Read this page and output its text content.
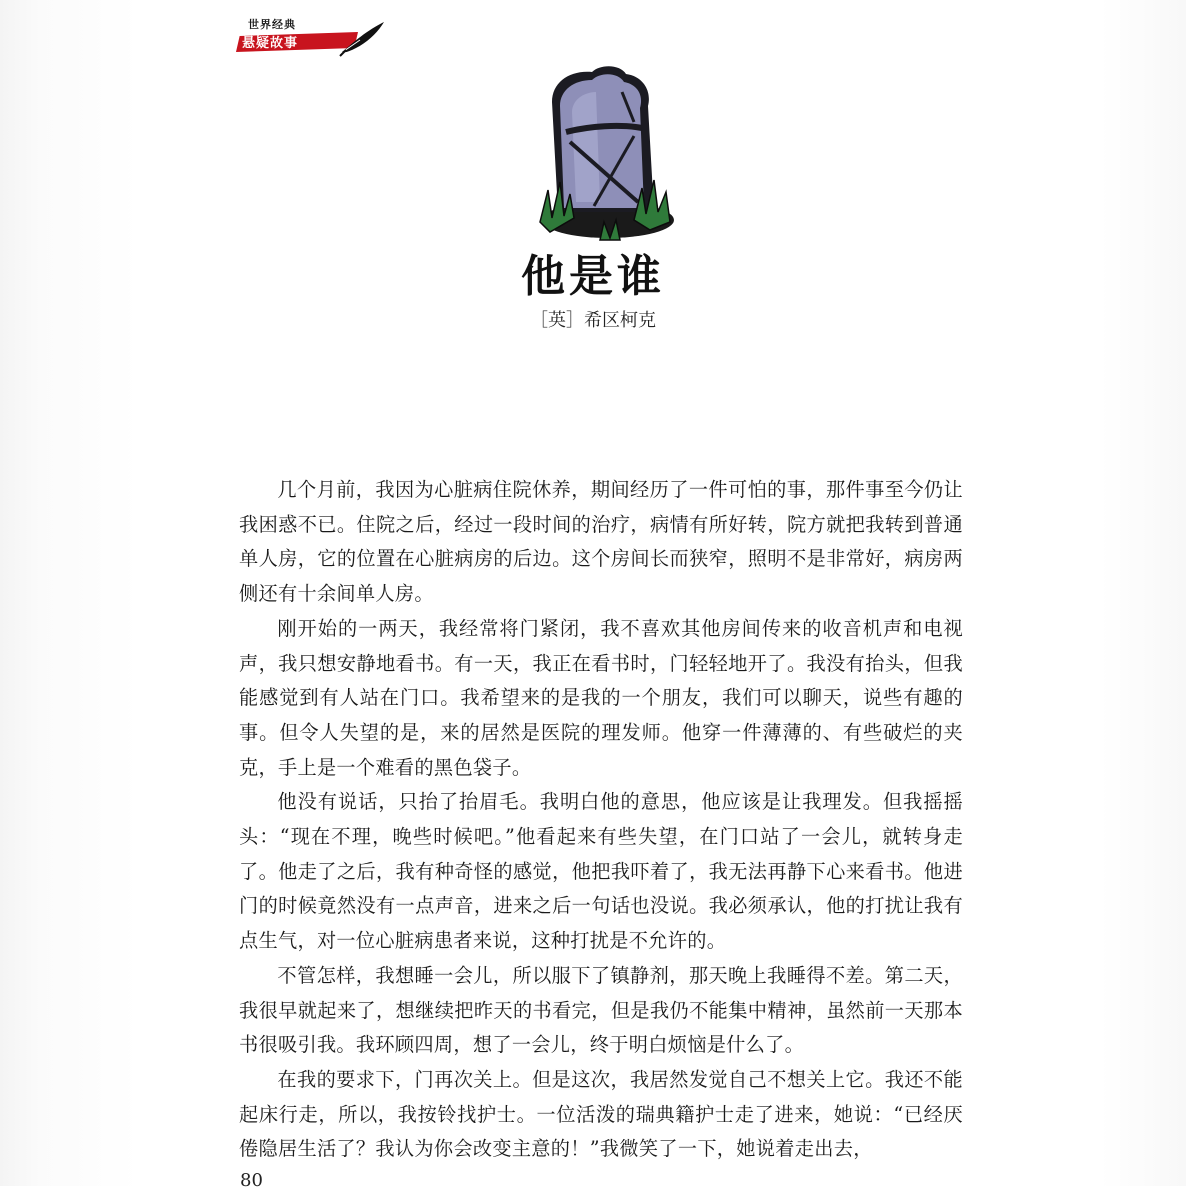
世界经典
悬疑故事
他是谁
［英］希区柯克

几个月前，我因为心脏病住院休养，期间经历了一件可怕的事，那件事至今仍让我困惑不已。住院之后，经过一段时间的治疗，病情有所好转，院方就把我转到普通单人房，它的位置在心脏病房的后边。这个房间长而狭窄，照明不是非常好，病房两侧还有十余间单人房。

刚开始的一两天，我经常将门紧闭，我不喜欢其他房间传来的收音机声和电视声，我只想安静地看书。有一天，我正在看书时，门轻轻地开了。我没有抬头，但我能感觉到有人站在门口。我希望来的是我的一个朋友，我们可以聊天，说些有趣的事。但令人失望的是，来的居然是医院的理发师。他穿一件薄薄的、有些破烂的夹克，手上是一个难看的黑色袋子。

他没有说话，只抬了抬眉毛。我明白他的意思，他应该是让我理发。但我摇摇头：“现在不理，晚些时候吧。”他看起来有些失望，在门口站了一会儿，就转身走了。他走了之后，我有种奇怪的感觉，他把我吓着了，我无法再静下心来看书。他进门的时候竟然没有一点声音，进来之后一句话也没说。我必须承认，他的打扰让我有点生气，对一位心脏病患者来说，这种打扰是不允许的。

不管怎样，我想睡一会儿，所以服下了镇静剂，那天晚上我睡得不差。第二天，我很早就起来了，想继续把昨天的书看完，但是我仍不能集中精神，虽然前一天那本书很吸引我。我环顾四周，想了一会儿，终于明白烦恼是什么了。

在我的要求下，门再次关上。但是这次，我居然发觉自己不想关上它。我还不能起床行走，所以，我按铃找护士。一位活泼的瑞典籍护士走了进来，她说：“已经厌倦隐居生活了？我认为你会改变主意的！”我微笑了一下，她说着走出去，

80
